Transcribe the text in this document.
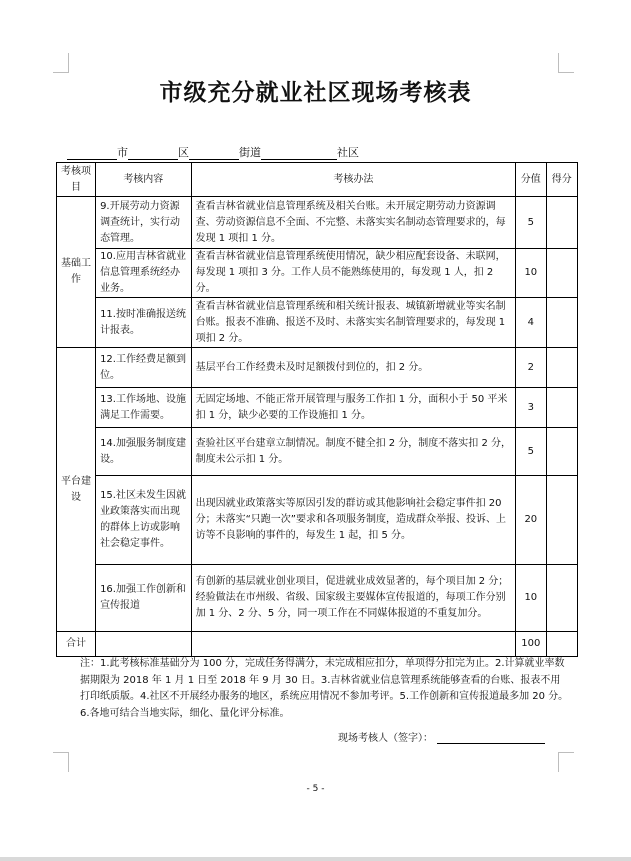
市级充分就业社区现场考核表
市	区	街道	社区
考核项目	考核内容	考核办法	分值	得分
基础工作	9.开展劳动力资源调查统计，实行动态管理。	查看吉林省就业信息管理系统及相关台账。未开展定期劳动力资源调查、劳动资源信息不全面、不完整、未落实实名制动态管理要求的，每发现 1 项扣 1 分。	5	
	10.应用吉林省就业信息管理系统经办业务。	查看吉林省就业信息管理系统使用情况，缺少相应配套设备、未联网，每发现 1 项扣 3 分。工作人员不能熟练使用的，每发现 1 人，扣 2 分。	10	
	11.按时准确报送统计报表。	查看吉林省就业信息管理系统和相关统计报表、城镇新增就业等实名制台账。报表不准确、报送不及时、未落实实名制管理要求的，每发现 1 项扣 2 分。	4	
平台建设	12.工作经费足额到位。	基层平台工作经费未及时足额拨付到位的，扣 2 分。	2	
	13.工作场地、设施满足工作需要。	无固定场地、不能正常开展管理与服务工作扣 1 分，面积小于 50 平米扣 1 分，缺少必要的工作设施扣 1 分。	3	
	14.加强服务制度建设。	查验社区平台建章立制情况。制度不健全扣 2 分，制度不落实扣 2 分，制度未公示扣 1 分。	5	
	15.社区未发生因就业政策落实而出现的群体上访或影响社会稳定事件。	出现因就业政策落实等原因引发的群访或其他影响社会稳定事件扣 20 分；未落实“只跑一次”要求和各项服务制度，造成群众举报、投诉、上访等不良影响的事件的，每发生 1 起，扣 5 分。	20	
	16.加强工作创新和宣传报道	有创新的基层就业创业项目，促进就业成效显著的，每个项目加 2 分；经验做法在市州级、省级、国家级主要媒体宣传报道的，每项工作分别加 1 分、2 分、5 分，同一项工作在不同媒体报道的不重复加分。	10	
合计			100	
注：1.此考核标准基础分为 100 分，完成任务得满分，未完成相应扣分，单项得分扣完为止。2.计算就业率数据期限为 2018 年 1 月 1 日至 2018 年 9 月 30 日。3.吉林省就业信息管理系统能够查看的台账、报表不用打印纸质版。4.社区不开展经办服务的地区，系统应用情况不参加考评。5.工作创新和宣传报道最多加 20 分。6.各地可结合当地实际，细化、量化评分标准。
现场考核人（签字）：
- 5 -
